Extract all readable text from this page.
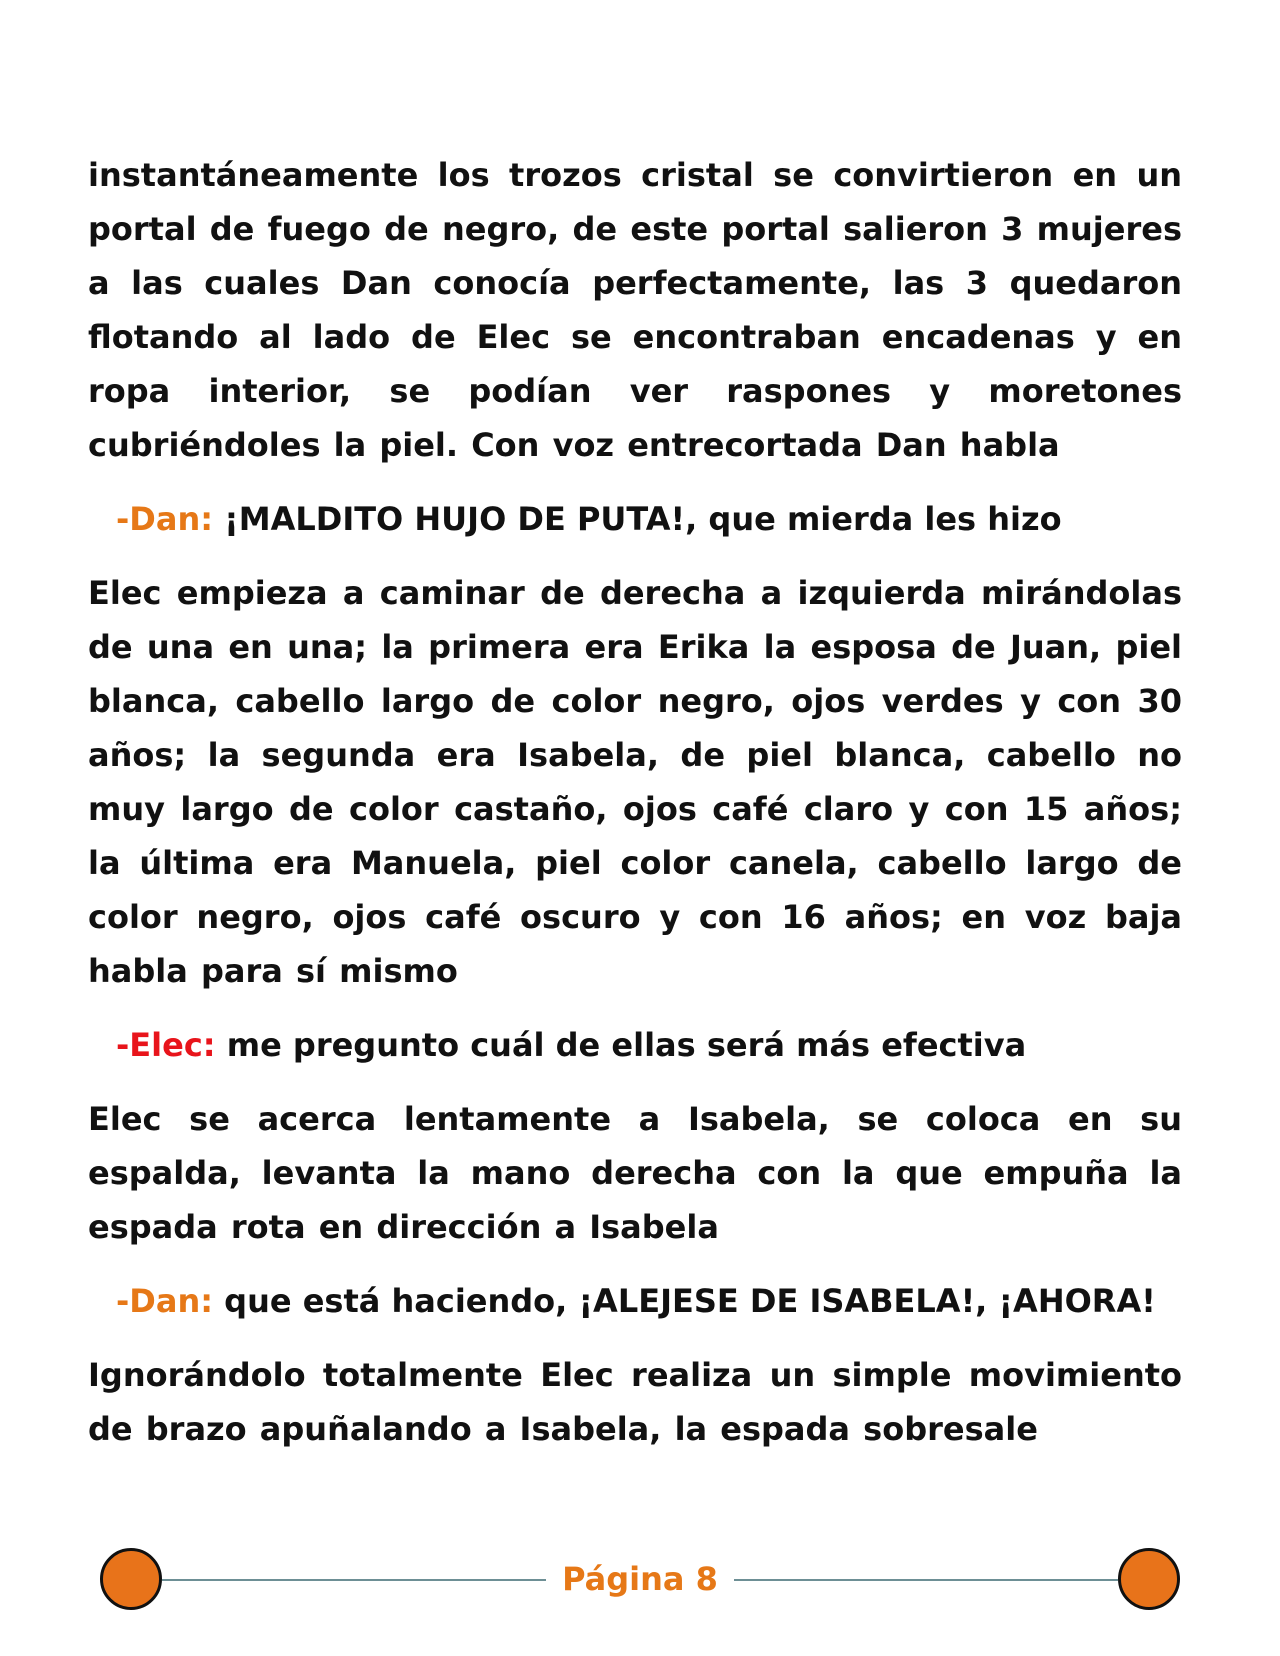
instantáneamente los trozos cristal se convirtieron en un portal de fuego de negro, de este portal salieron 3 mujeres a las cuales Dan conocía perfectamente, las 3 quedaron flotando al lado de Elec se encontraban encadenas y en ropa interior, se podían ver raspones y moretones cubriéndoles la piel. Con voz entrecortada Dan habla

-Dan: ¡MALDITO HUJO DE PUTA!, que mierda les hizo

Elec empieza a caminar de derecha a izquierda mirándolas de una en una; la primera era Erika la esposa de Juan, piel blanca, cabello largo de color negro, ojos verdes y con 30 años; la segunda era Isabela, de piel blanca, cabello no muy largo de color castaño, ojos café claro y con 15 años; la última era Manuela, piel color canela, cabello largo de color negro, ojos café oscuro y con 16 años; en voz baja habla para sí mismo

-Elec: me pregunto cuál de ellas será más efectiva

Elec se acerca lentamente a Isabela, se coloca en su espalda, levanta la mano derecha con la que empuña la espada rota en dirección a Isabela

-Dan: que está haciendo, ¡ALEJESE DE ISABELA!, ¡AHORA!

Ignorándolo totalmente Elec realiza un simple movimiento de brazo apuñalando a Isabela, la espada sobresale

Página 8
